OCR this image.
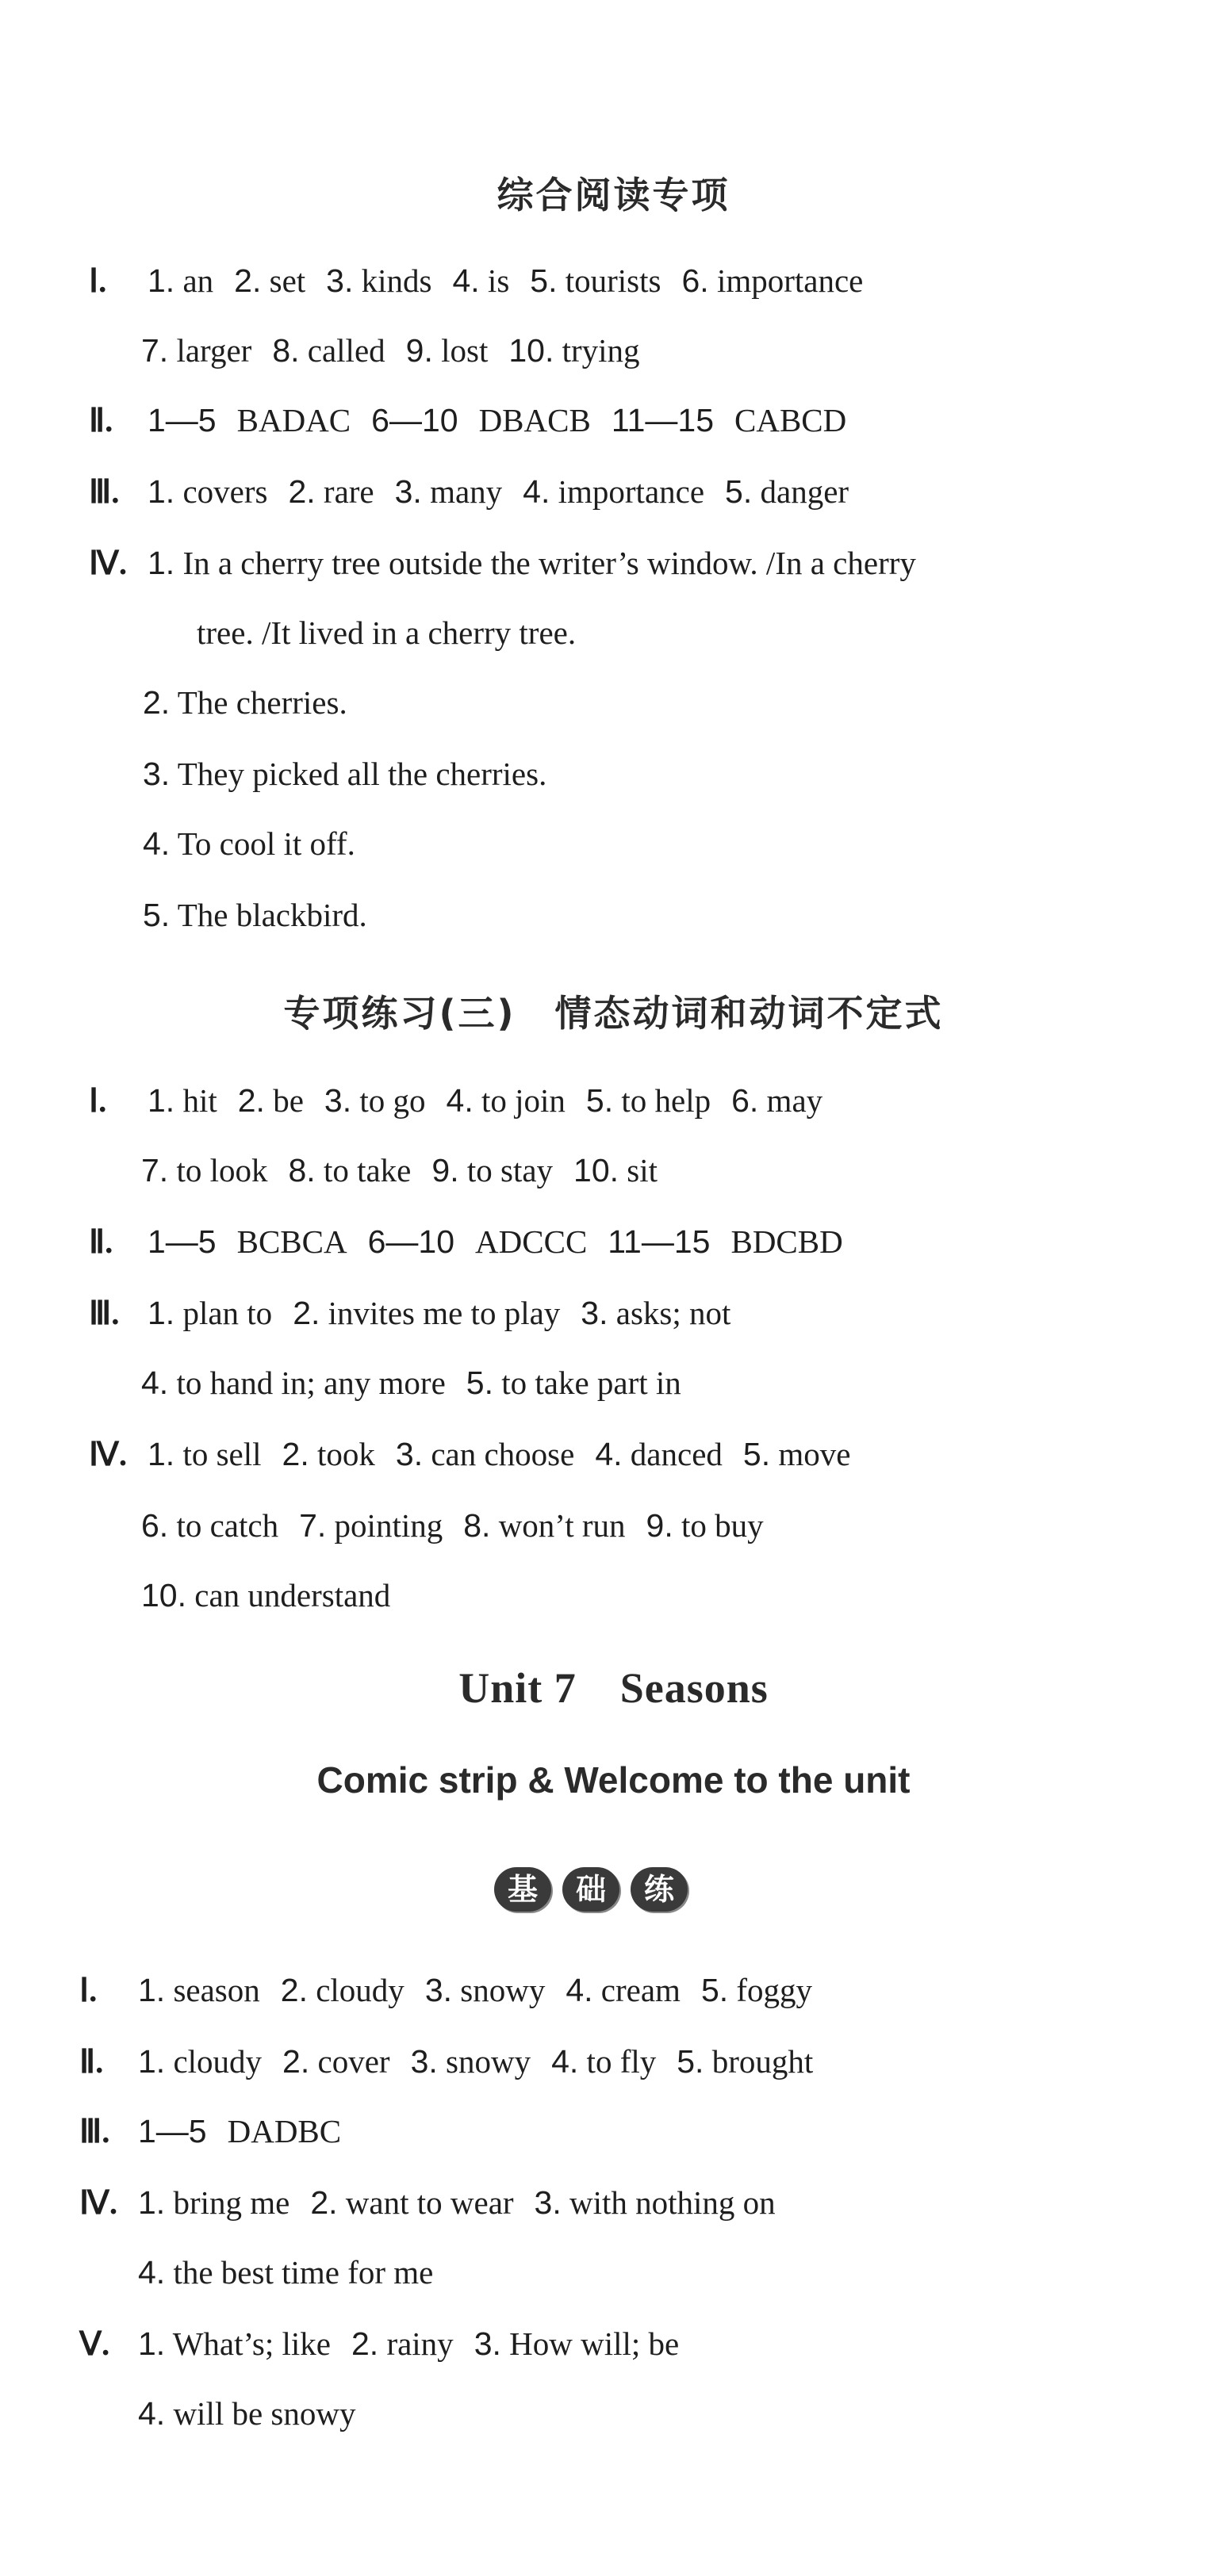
综合阅读专项
Ⅰ. 1. an 2. set 3. kinds 4. is 5. tourists 6. importance
7. larger 8. called 9. lost 10. trying
Ⅱ. 1—5 BADAC 6—10 DBACB 11—15 CABCD
Ⅲ. 1. covers 2. rare 3. many 4. importance 5. danger
Ⅳ. 1. In a cherry tree outside the writer’s window. /In a cherry
tree. /It lived in a cherry tree.
2. The cherries.
3. They picked all the cherries.
4. To cool it off.
5. The blackbird.
专项练习(三)　情态动词和动词不定式
Ⅰ. 1. hit 2. be 3. to go 4. to join 5. to help 6. may
7. to look 8. to take 9. to stay 10. sit
Ⅱ. 1—5 BCBCA 6—10 ADCCC 11—15 BDCBD
Ⅲ. 1. plan to 2. invites me to play 3. asks; not
4. to hand in; any more 5. to take part in
Ⅳ. 1. to sell 2. took 3. can choose 4. danced 5. move
6. to catch 7. pointing 8. won’t run 9. to buy
10. can understand
Unit 7　Seasons
Comic strip & Welcome to the unit
基	础	练
Ⅰ. 1. season 2. cloudy 3. snowy 4. cream 5. foggy
Ⅱ. 1. cloudy 2. cover 3. snowy 4. to fly 5. brought
Ⅲ. 1—5 DADBC
Ⅳ. 1. bring me 2. want to wear 3. with nothing on
4. the best time for me
Ⅴ. 1. What’s; like 2. rainy 3. How will; be
4. will be snowy
